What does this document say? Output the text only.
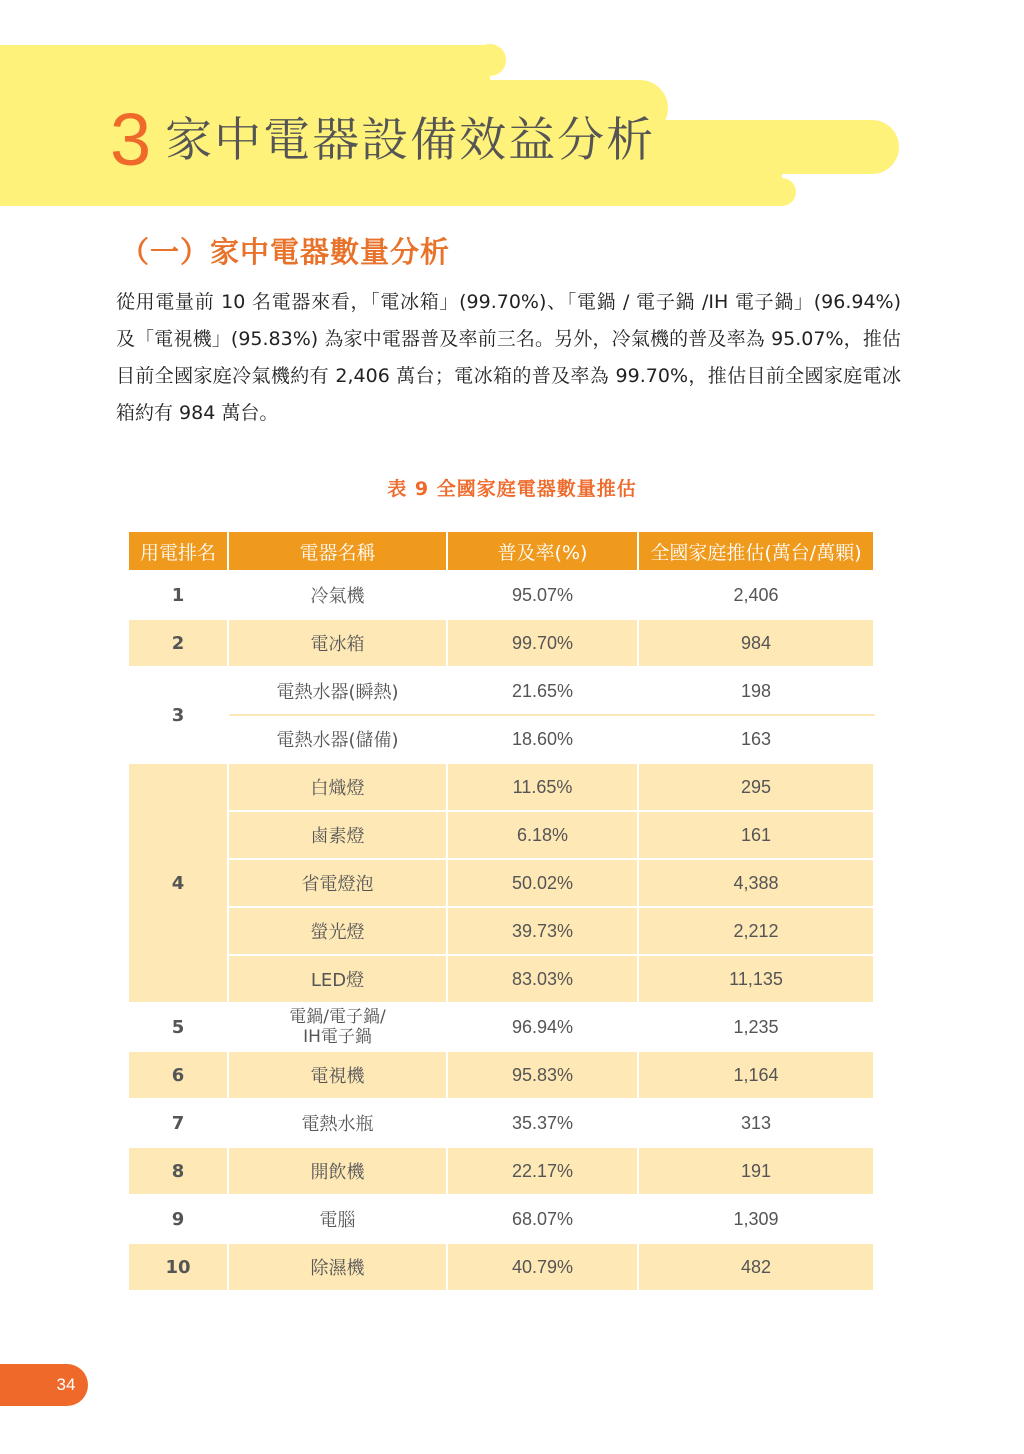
3 家中電器設備效益分析
（一）家中電器數量分析

從用電量前 10 名電器來看，「電冰箱」(99.70%)、「電鍋 / 電子鍋 /IH 電子鍋」(96.94%) 及「電視機」(95.83%) 為家中電器普及率前三名。另外，冷氣機的普及率為 95.07%，推估目前全國家庭冷氣機約有 2,406 萬台；電冰箱的普及率為 99.70%，推估目前全國家庭電冰箱約有 984 萬台。

表 9 全國家庭電器數量推估
用電排名	電器名稱	普及率(%)	全國家庭推估(萬台/萬顆)
1	冷氣機	95.07%	2,406
2	電冰箱	99.70%	984
3	電熱水器(瞬熱)	21.65%	198
	電熱水器(儲備)	18.60%	163
4	白熾燈	11.65%	295
	鹵素燈	6.18%	161
	省電燈泡	50.02%	4,388
	螢光燈	39.73%	2,212
	LED燈	83.03%	11,135
5	電鍋/電子鍋/
IH電子鍋	96.94%	1,235
6	電視機	95.83%	1,164
7	電熱水瓶	35.37%	313
8	開飲機	22.17%	191
9	電腦	68.07%	1,309
10	除濕機	40.79%	482
34
